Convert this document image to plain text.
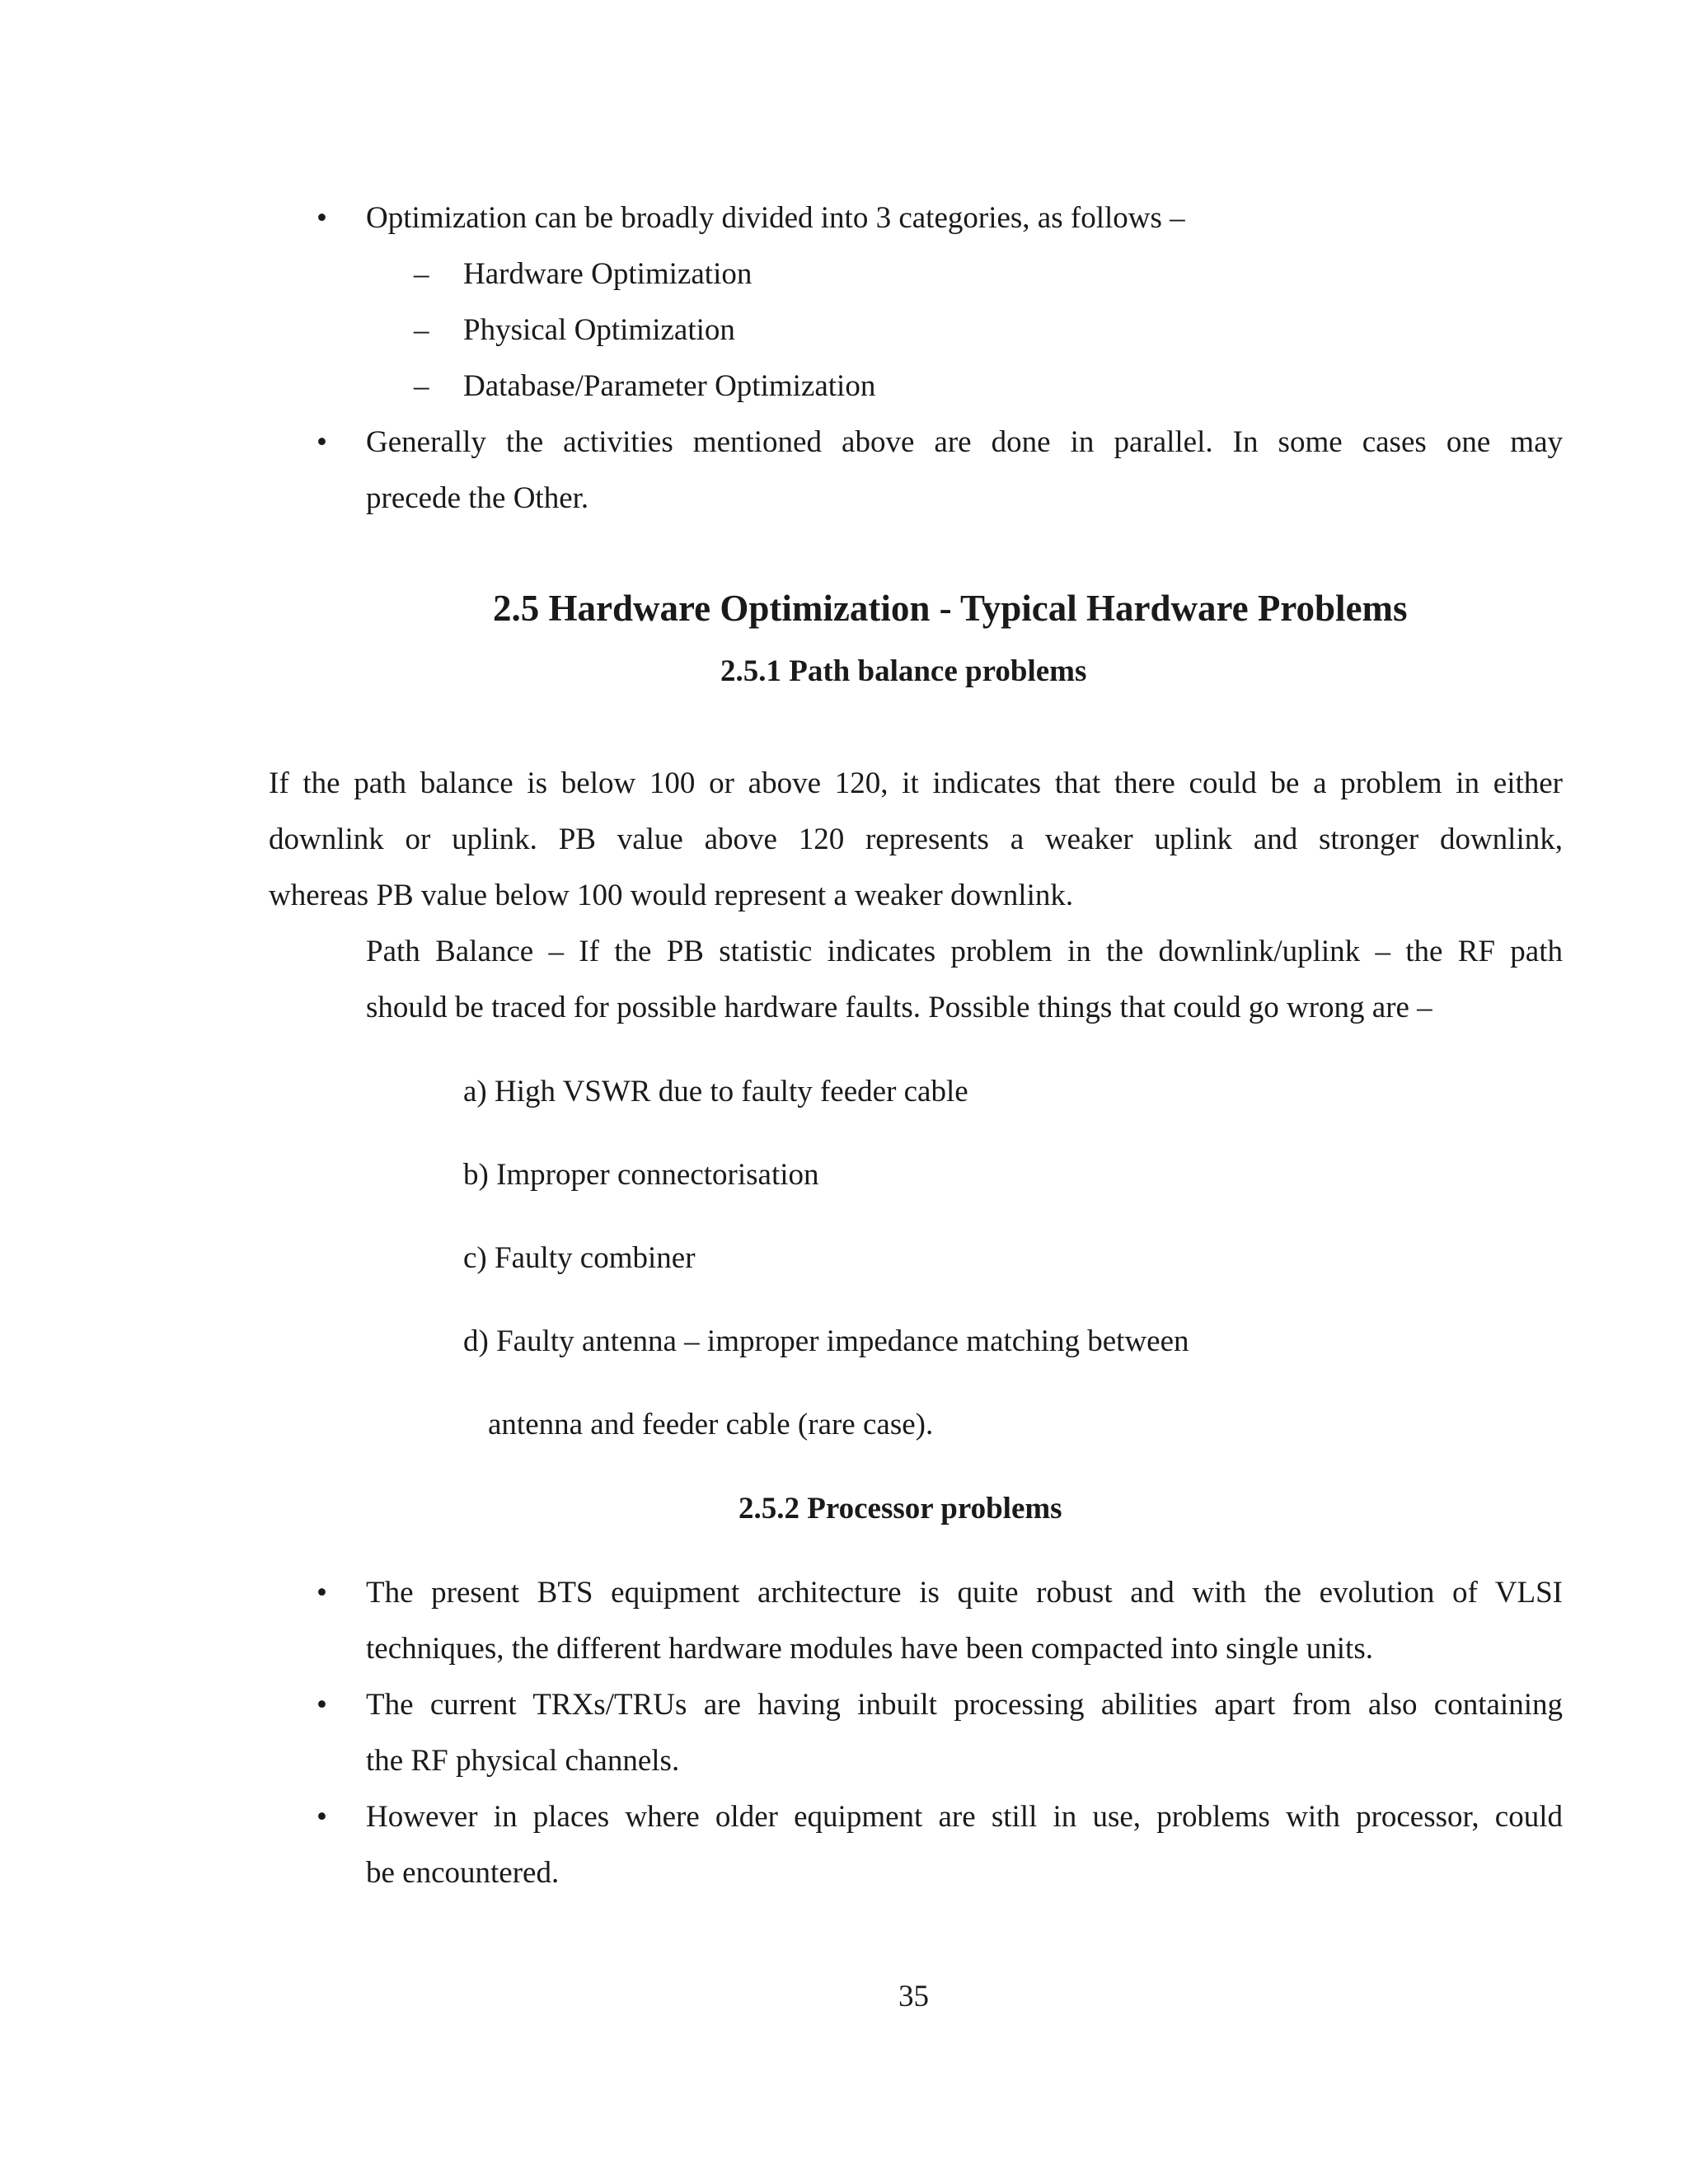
• Optimization can be broadly divided into 3 categories, as follows –
– Hardware Optimization
– Physical Optimization
– Database/Parameter Optimization
• Generally the activities mentioned above are done in parallel. In some cases one may
precede the Other.
2.5 Hardware Optimization - Typical Hardware Problems
2.5.1 Path balance problems
If the path balance is below 100 or above 120, it indicates that there could be a problem in either
downlink or uplink. PB value above 120 represents a weaker uplink and stronger downlink,
whereas PB value below 100 would represent a weaker downlink.
Path Balance – If the PB statistic indicates problem in the downlink/uplink – the RF path
should be traced for possible hardware faults. Possible things that could go wrong are –
a) High VSWR due to faulty feeder cable
b) Improper connectorisation
c) Faulty combiner
d) Faulty antenna – improper impedance matching between
antenna and feeder cable (rare case).
2.5.2 Processor problems
• The present BTS equipment architecture is quite robust and with the evolution of VLSI
techniques, the different hardware modules have been compacted into single units.
• The current TRXs/TRUs are having inbuilt processing abilities apart from also containing
the RF physical channels.
• However in places where older equipment are still in use, problems with processor, could
be encountered.
35
